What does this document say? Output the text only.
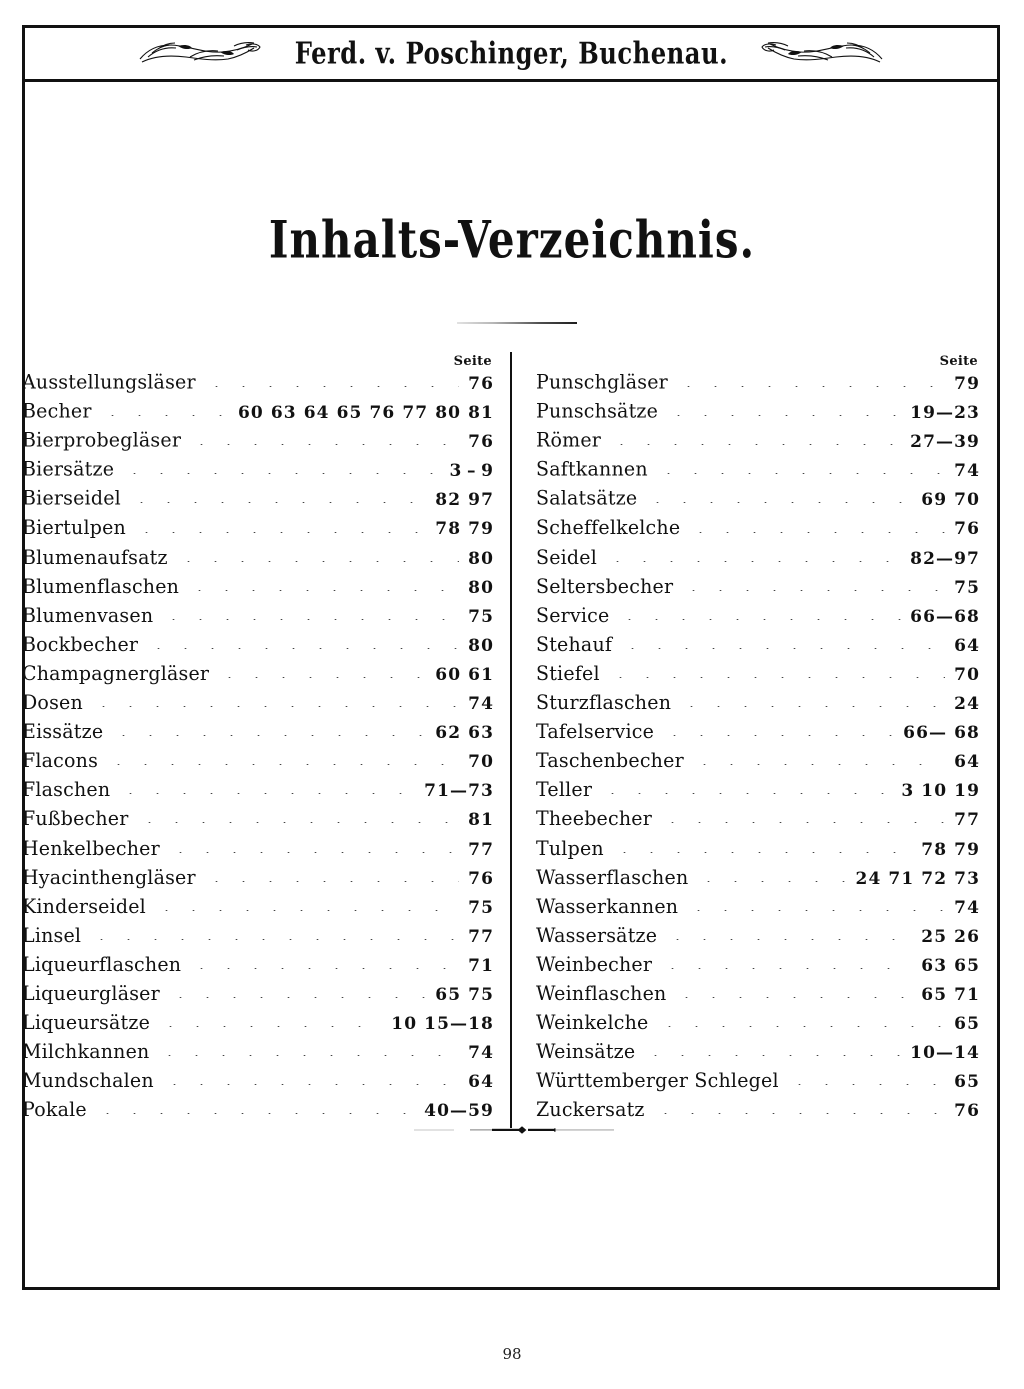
Ferd. v. Poschinger, Buchenau.
Inhalts-Verzeichnis.
Seite
Ausstellungsläser	76
Becher	60 63 64 65 76 77 80 81
Bierprobegläser	76
Biersätze	3 – 9
Bierseidel	82 97
Biertulpen	78 79
Blumenaufsatz	80
Blumenflaschen	80
Blumenvasen	75
Bockbecher	80
Champagnergläser	60 61
Dosen	74
Eissätze	62 63
Flacons	70
Flaschen	71—73
Fußbecher	81
Henkelbecher	77
Hyacinthengläser	76
Kinderseidel	75
Linsel	77
Liqueurflaschen	71
Liqueurgläser	65 75
Liqueursätze	10 15—18
Milchkannen	74
Mundschalen	64
Pokale	40—59
Seite
Punschgläser	79
Punschsätze	19—23
Römer	27—39
Saftkannen	74
Salatsätze	69 70
Scheffelkelche	76
Seidel	82—97
Seltersbecher	75
Service	66—68
Stehauf	64
Stiefel	70
Sturzflaschen	24
Tafelservice	66— 68
Taschenbecher	64
Teller	3 10 19
Theebecher	77
Tulpen	78 79
Wasserflaschen	24 71 72 73
Wasserkannen	74
Wassersätze	25 26
Weinbecher	63 65
Weinflaschen	65 71
Weinkelche	65
Weinsätze	10—14
Württemberger Schlegel	65
Zuckersatz	76
98
